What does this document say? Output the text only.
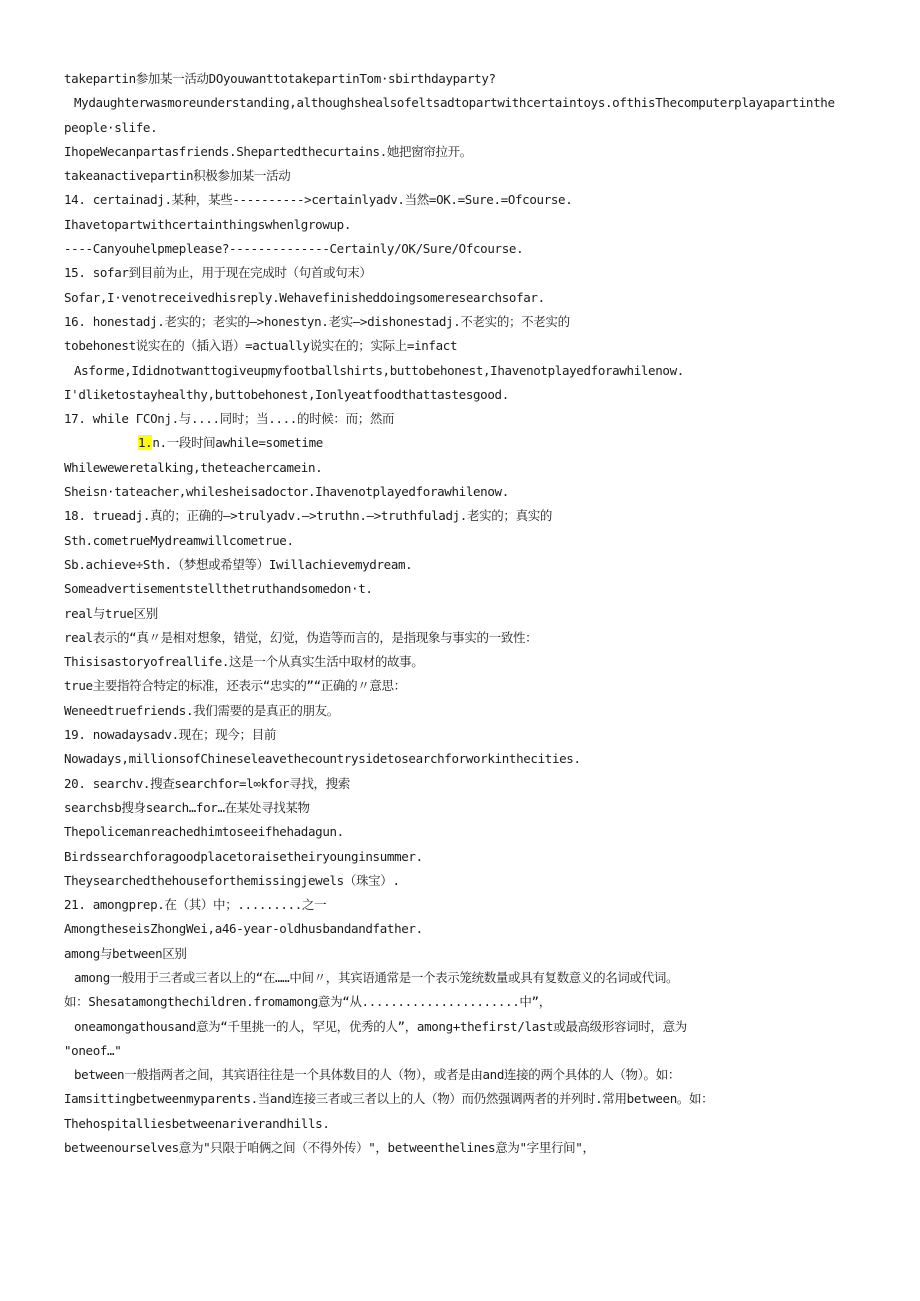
takepartin参加某一活动DOyouwanttotakepartinTom·sbirthdayparty?
Mydaughterwasmoreunderstanding,althoughshealsofeltsadtopartwithcertaintoys.ofthisThecomputerplayapartinthe
people·slife.
IhopeWecanpartasfriends.Shepartedthecurtains.她把窗帘拉开。
takeanactivepartin积极参加某一活动
14. certainadj.某种，某些---------->certainlyadv.当然=OK.=Sure.=Ofcourse.
Ihavetopartwithcertainthingswhenlgrowup.
----Canyouhelpmeplease?--------------Certainly/OK/Sure/Ofcourse.
15. sofar到目前为止，用于现在完成时（句首或句末）
Sofar,I·venotreceivedhisreply.Wehavefinisheddoingsomeresearchsofar.
16. honestadj.老实的；老实的—>honestyn.老实—>dishonestadj.不老实的；不老实的
tobehonest说实在的（插入语）=actually说实在的；实际上=infact
Asforme,Ididnotwanttogiveupmyfootballshirts,buttobehonest,Ihavenotplayedforawhilenow.
I'dliketostayhealthy,buttobehonest,Ionlyeatfoodthattastesgood.
17. while ΓCOnj.与....同时；当....的时候：而；然而
1.n.一段时间awhile=sometime
Whileweweretalking,theteachercamein.
Sheisn·tateacher,whilesheisadoctor.Ihavenotplayedforawhilenow.
18. trueadj.真的；正确的—>trulyadv.—>truthn.—>truthfuladj.老实的；真实的
Sth.cometrueMydreamwillcometrue.
Sb.achieve÷Sth.（梦想或希望等）Iwillachievemydream.
Someadvertisementstellthetruthandsomedon·t.
real与true区别
real表示的“真〃是相对想象，错觉，幻觉，伪造等而言的，是指现象与事实的一致性：
Thisisastoryofreallife.这是一个从真实生活中取材的故事。
true主要指符合特定的标准，还表示“忠实的”“正确的〃意思：
Weneedtruefriends.我们需要的是真正的朋友。
19. nowadaysadv.现在；现今；目前
Nowadays,millionsofChineseleavethecountrysidetosearchforworkinthecities.
20. searchv.搜查searchfor=l∞kfor寻找，搜索
searchsb搜身search…for…在某处寻找某物
Thepolicemanreachedhimtoseeifhehadagun.
Birdssearchforagoodplacetoraisetheiryounginsummer.
Theysearchedthehouseforthemissingjewels（珠宝）.
21. amongprep.在（其）中；.........之一
AmongtheseisZhongWei,a46-year-oldhusbandandfather.
among与between区别
among一般用于三者或三者以上的“在……中间〃，其宾语通常是一个表示笼统数量或具有复数意义的名词或代词。
如：Shesatamongthechildren.fromamong意为“从......................中”，
oneamongathousand意为“千里挑一的人，罕见，优秀的人”，among+thefirst/last或最高级形容词时，意为
"oneof…"
between一般指两者之间，其宾语往往是一个具体数目的人（物），或者是由and连接的两个具体的人（物）。如：
Iamsittingbetweenmyparents.当and连接三者或三者以上的人（物）而仍然强调两者的并列时.常用between。如：
Thehospitalliesbetweenariverandhills.
betweenourselves意为"只限于咱俩之间（不得外传）"，betweenthelines意为"字里行间"，
